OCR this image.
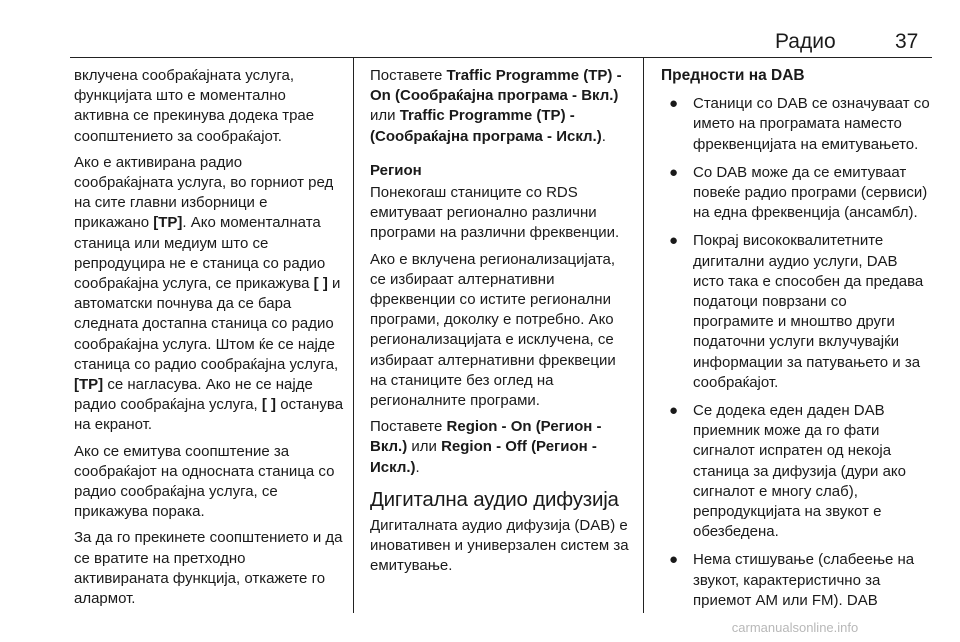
Радио	37

вклучена сообраќајната услуга, функцијата што е моментално активна се прекинува додека трае соопштението за сообраќајот.

Ако е активирана радио сообраќајната услуга, во горниот ред на сите главни изборници е прикажано [TP]. Ако моменталната станица или медиум што се репродуцира не е станица со радио сообраќајна услуга, се прикажува [ ] и автоматски почнува да се бара следната достапна станица со радио сообраќајна услуга. Штом ќе се најде станица со радио сообраќајна услуга, [TP] се нагласува. Ако не се најде радио сообраќајна услуга, [ ] останува на екранот.

Ако се емитува соопштение за сообраќајот на односната станица со радио сообраќајна услуга, се прикажува порака.

За да го прекинете соопштението и да се вратите на претходно активираната функција, откажете го алармот.

Поставете Traffic Programme (TP) - On (Сообраќајна програма - Вкл.) или Traffic Programme (TP) - (Сообраќајна програма - Искл.).

Регион

Понекогаш станиците со RDS емитуваат регионално различни програми на различни фреквенции.

Ако е вклучена регионализацијата, се избираат алтернативни фреквенции со истите регионални програми, доколку е потребно. Ако регионализацијата е исклучена, се избираат алтернативни фреквеции на станиците без оглед на регионалните програми.

Поставете Region - On (Регион - Вкл.) или Region - Off (Регион - Искл.).

Дигитална аудио дифузија

Дигиталната аудио дифузија (DAB) е иновативен и универзален систем за емитување.

Предности на DAB
● Станици со DAB се означуваат со името на програмата наместо фреквенцијата на емитувањето.
● Со DAB може да се емитуваат повеќе радио програми (сервиси) на една фреквенција (ансамбл).
● Покрај висококвалитетните дигитални аудио услуги, DAB исто така е способен да предава податоци поврзани со програмите и мноштво други податочни услуги вклучувајќи информации за патувањето и за сообраќајот.
● Се додека еден даден DAB приемник може да го фати сигналот испратен од некоја станица за дифузија (дури ако сигналот е многу слаб), репродукцијата на звукот е обезбедена.
● Нема стишување (слабеење на звукот, карактеристично за приемот AM или FM). DAB
carmanualsonline.info
